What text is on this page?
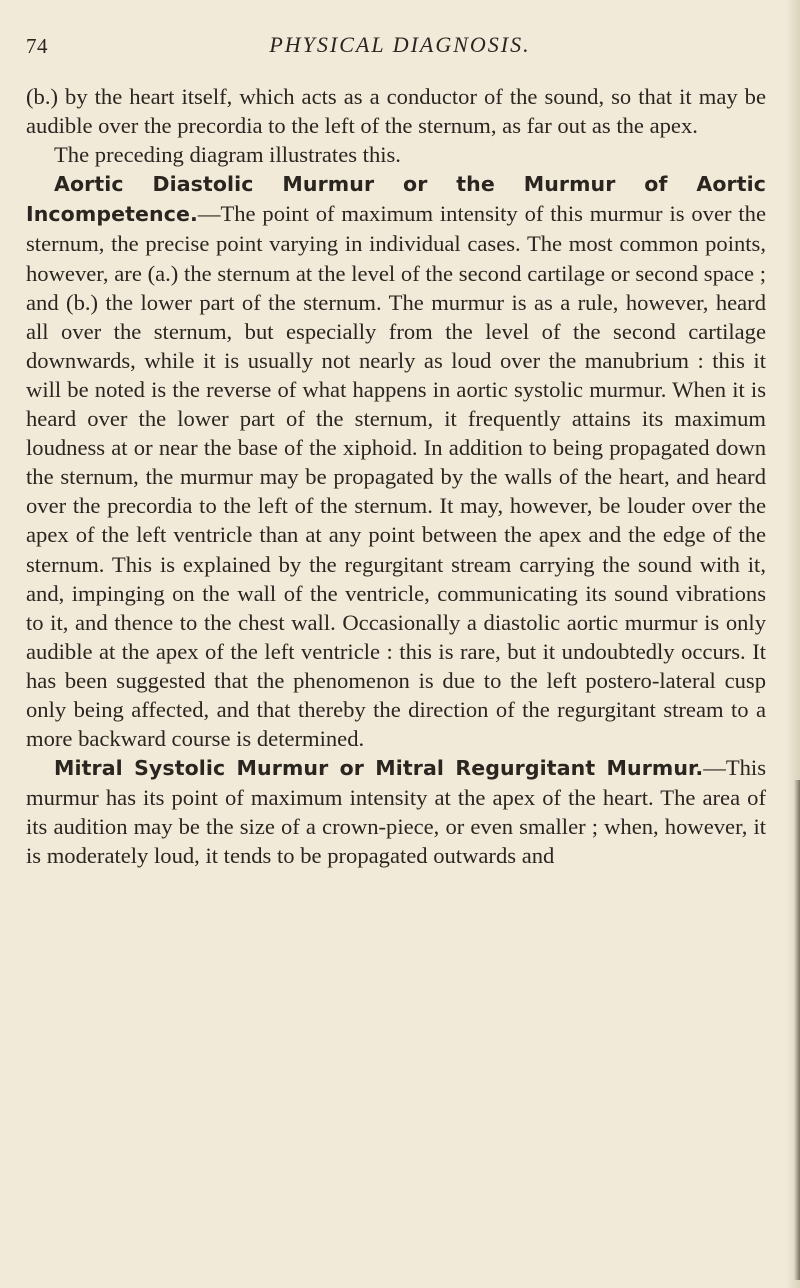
74	PHYSICAL DIAGNOSIS.

(b.) by the heart itself, which acts as a conductor of the sound, so that it may be audible over the precordia to the left of the sternum, as far out as the apex.

The preceding diagram illustrates this.

Aortic Diastolic Murmur or the Murmur of Aortic Incompetence.—The point of maximum intensity of this murmur is over the sternum, the precise point varying in individual cases. The most common points, however, are (a.) the sternum at the level of the second cartilage or second space ; and (b.) the lower part of the sternum. The murmur is as a rule, however, heard all over the sternum, but especially from the level of the second cartilage downwards, while it is usually not nearly as loud over the manubrium : this it will be noted is the reverse of what happens in aortic systolic murmur. When it is heard over the lower part of the sternum, it frequently attains its maximum loudness at or near the base of the xiphoid. In addition to being propagated down the sternum, the murmur may be propagated by the walls of the heart, and heard over the precordia to the left of the sternum. It may, however, be louder over the apex of the left ventricle than at any point between the apex and the edge of the sternum. This is explained by the regurgitant stream carrying the sound with it, and, impinging on the wall of the ventricle, communicating its sound vibrations to it, and thence to the chest wall. Occasionally a diastolic aortic murmur is only audible at the apex of the left ventricle : this is rare, but it undoubtedly occurs. It has been suggested that the phenomenon is due to the left postero-lateral cusp only being affected, and that thereby the direction of the regurgitant stream to a more backward course is determined.

Mitral Systolic Murmur or Mitral Regurgitant Murmur.—This murmur has its point of maximum intensity at the apex of the heart. The area of its audition may be the size of a crown-piece, or even smaller ; when, however, it is moderately loud, it tends to be propagated outwards and
